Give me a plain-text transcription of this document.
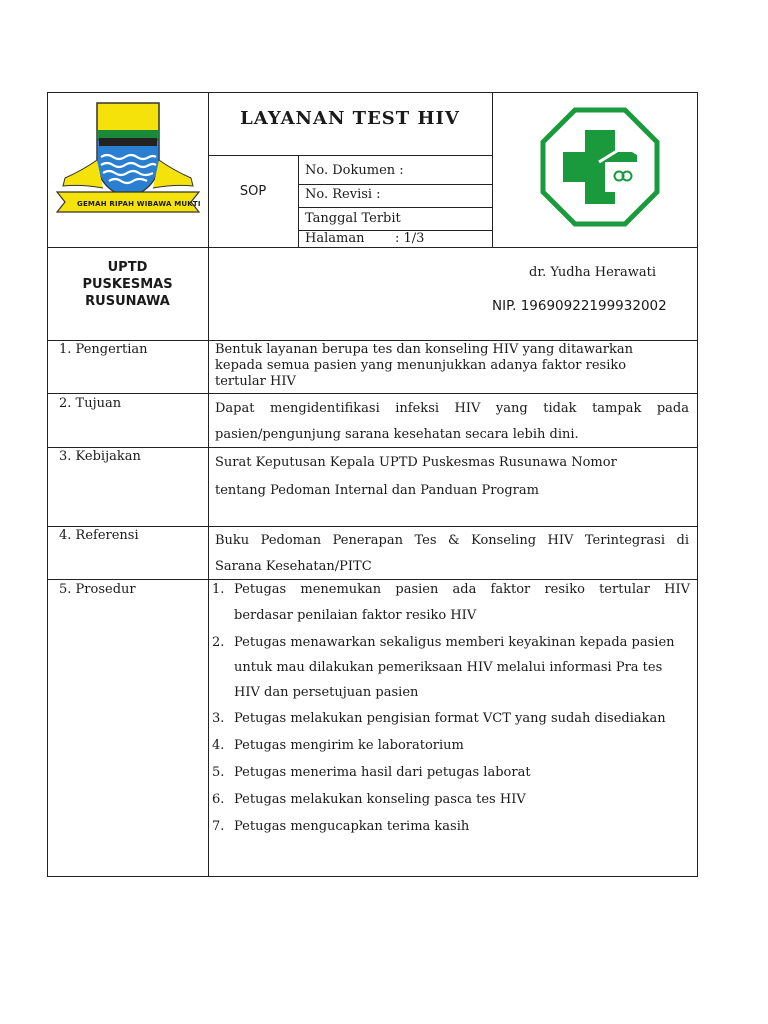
GEMAH RIPAH WIBAWA MUKTI
LAYANAN TEST HIV
SOP
No. Dokumen :
No. Revisi :
Tanggal Terbit
Halaman : 1/3
UPTD
PUSKESMAS
RUSUNAWA
dr. Yudha Herawati
NIP. 19690922199932002
1. Pengertian	Bentuk layanan berupa tes dan konseling HIV yang ditawarkan
kepada semua pasien yang menunjukkan adanya faktor resiko
tertular HIV
2. Tujuan	Dapat mengidentifikasi infeksi HIV yang tidak tampak pada
pasien/pengunjung sarana kesehatan secara lebih dini.
3. Kebijakan	Surat Keputusan Kepala UPTD Puskesmas Rusunawa Nomor
tentang Pedoman Internal dan Panduan Program
4. Referensi	Buku Pedoman Penerapan Tes & Konseling HIV Terintegrasi di
Sarana Kesehatan/PITC
5. Prosedur	1. Petugas menemukan pasien ada faktor resiko tertular HIV
berdasar penilaian faktor resiko HIV
2. Petugas menawarkan sekaligus memberi keyakinan kepada pasien
untuk mau dilakukan pemeriksaan HIV melalui informasi Pra tes
HIV dan persetujuan pasien
3. Petugas melakukan pengisian format VCT yang sudah disediakan
4. Petugas mengirim ke laboratorium
5. Petugas menerima hasil dari petugas laborat
6. Petugas melakukan konseling pasca tes HIV
7. Petugas mengucapkan terima kasih
